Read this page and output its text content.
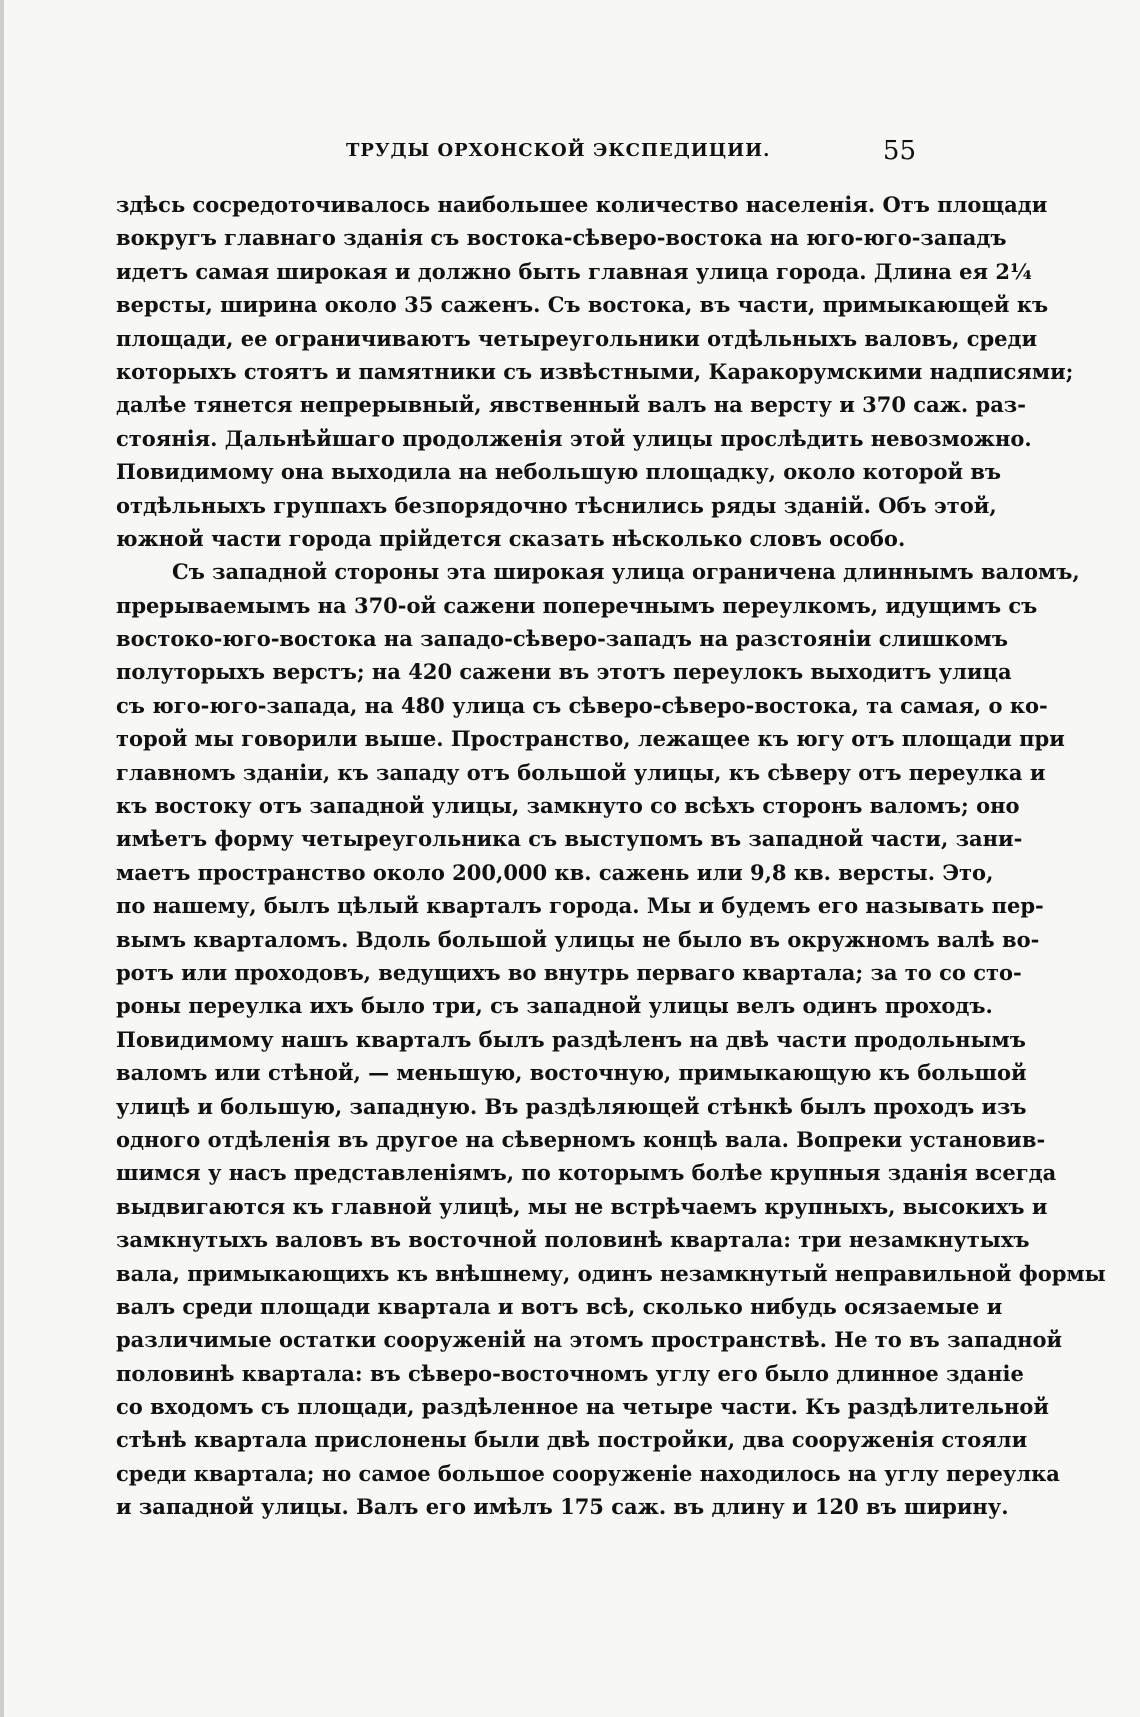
ТРУДЫ ОРХОНСКОЙ ЭКСПЕДИЦИИ.	55
здѣсь сосредоточивалось наибольшее количество населенія. Отъ площади
вокругъ главнаго зданія съ востока-сѣверо-востока на юго-юго-западъ
идетъ самая широкая и должно быть главная улица города. Длина ея 2¼
версты, ширина около 35 саженъ. Съ востока, въ части, примыкающей къ
площади, ее ограничиваютъ четыреугольники отдѣльныхъ валовъ, среди
которыхъ стоятъ и памятники съ извѣстными, Каракорумскими надписями;
далѣе тянется непрерывный, явственный валъ на версту и 370 саж. раз-
стоянія. Дальнѣйшаго продолженія этой улицы прослѣдить невозможно.
Повидимому она выходила на небольшую площадку, около которой въ
отдѣльныхъ группахъ безпорядочно тѣснились ряды зданій. Объ этой,
южной части города прійдется сказать нѣсколько словъ особо.
Съ западной стороны эта широкая улица ограничена длиннымъ валомъ,
прерываемымъ на 370-ой сажени поперечнымъ переулкомъ, идущимъ съ
востоко-юго-востока на западо-сѣверо-западъ на разстояніи слишкомъ
полуторыхъ верстъ; на 420 сажени въ этотъ переулокъ выходитъ улица
съ юго-юго-запада, на 480 улица съ сѣверо-сѣверо-востока, та самая, о ко-
торой мы говорили выше. Пространство, лежащее къ югу отъ площади при
главномъ зданіи, къ западу отъ большой улицы, къ сѣверу отъ переулка и
къ востоку отъ западной улицы, замкнуто со всѣхъ сторонъ валомъ; оно
имѣетъ форму четыреугольника съ выступомъ въ западной части, зани-
маетъ пространство около 200,000 кв. сажень или 9,8 кв. версты. Это,
по нашему, былъ цѣлый кварталъ города. Мы и будемъ его называть пер-
вымъ кварталомъ. Вдоль большой улицы не было въ окружномъ валѣ во-
ротъ или проходовъ, ведущихъ во внутрь перваго квартала; за то со сто-
роны переулка ихъ было три, съ западной улицы велъ одинъ проходъ.
Повидимому нашъ кварталъ былъ раздѣленъ на двѣ части продольнымъ
валомъ или стѣной, — меньшую, восточную, примыкающую къ большой
улицѣ и большую, западную. Въ раздѣляющей стѣнкѣ былъ проходъ изъ
одного отдѣленія въ другое на сѣверномъ концѣ вала. Вопреки установив-
шимся у насъ представленіямъ, по которымъ болѣе крупныя зданія всегда
выдвигаются къ главной улицѣ, мы не встрѣчаемъ крупныхъ, высокихъ и
замкнутыхъ валовъ въ восточной половинѣ квартала: три незамкнутыхъ
вала, примыкающихъ къ внѣшнему, одинъ незамкнутый неправильной формы
валъ среди площади квартала и вотъ всѣ, сколько нибудь осязаемые и
различимые остатки сооруженій на этомъ пространствѣ. Не то въ западной
половинѣ квартала: въ сѣверо-восточномъ углу его было длинное зданіе
со входомъ съ площади, раздѣленное на четыре части. Къ раздѣлительной
стѣнѣ квартала прислонены были двѣ постройки, два сооруженія стояли
среди квартала; но самое большое сооруженіе находилось на углу переулка
и западной улицы. Валъ его имѣлъ 175 саж. въ длину и 120 въ ширину.
